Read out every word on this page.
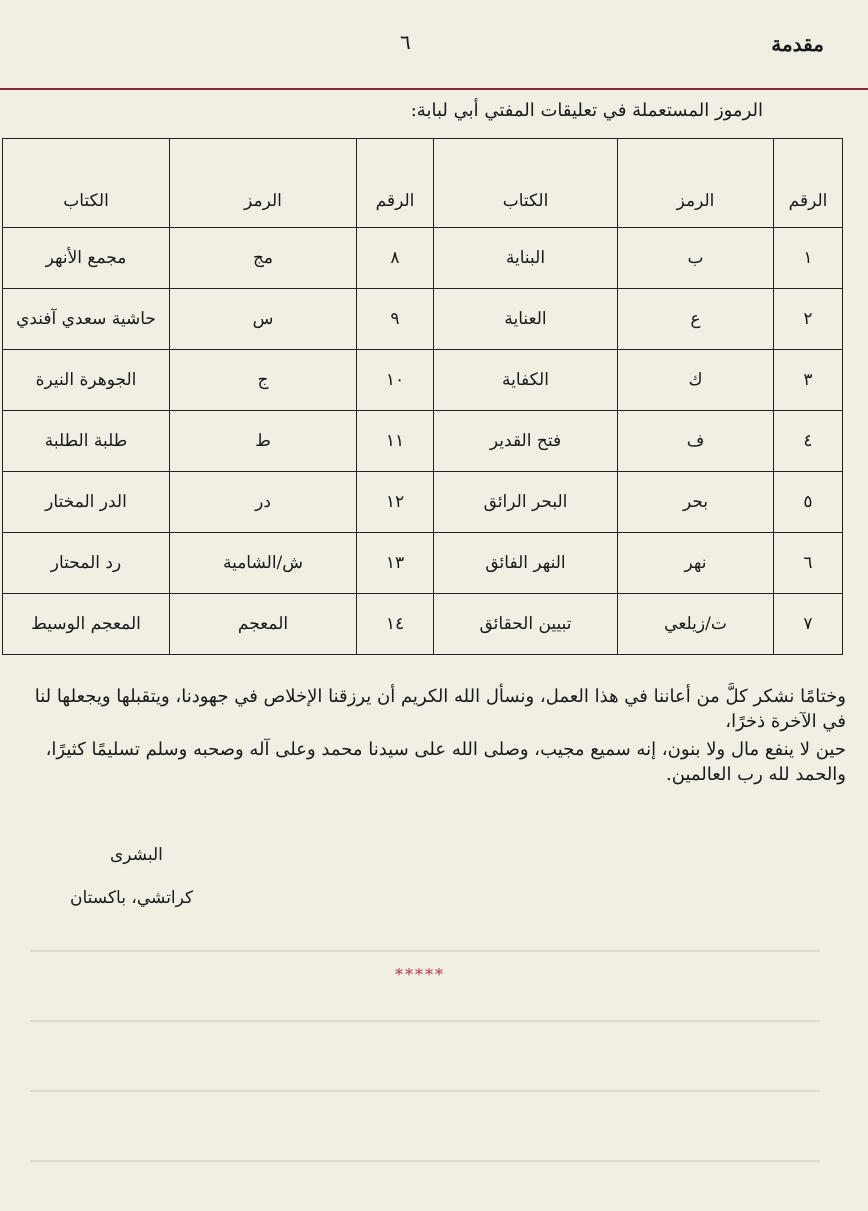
مقدمة
٦
الرموز المستعملة في تعليقات المفتي أبي لبابة:
الرقم	الرمز	الكتاب	الرقم	الرمز	الكتاب
١	ب	البناية	٨	مج	مجمع الأنهر
٢	ع	العناية	٩	س	حاشية سعدي آفندي
٣	ك	الكفاية	١٠	ج	الجوهرة النيرة
٤	ف	فتح القدير	١١	ط	طلبة الطلبة
٥	بحر	البحر الرائق	١٢	در	الدر المختار
٦	نهر	النهر الفائق	١٣	ش/الشامية	رد المحتار
٧	ت/زيلعي	تبيين الحقائق	١٤	المعجم	المعجم الوسيط
وختامًا نشكر كلَّ من أعاننا في هذا العمل، ونسأل الله الكريم أن يرزقنا الإخلاص في جهودنا، ويتقبلها ويجعلها لنا في الآخرة ذخرًا،
حين لا ينفع مال ولا بنون، إنه سميع مجيب، وصلى الله على سيدنا محمد وعلى آله وصحبه وسلم تسليمًا كثيرًا، والحمد لله رب العالمين.
البشرى
كراتشي، باكستان
*****
